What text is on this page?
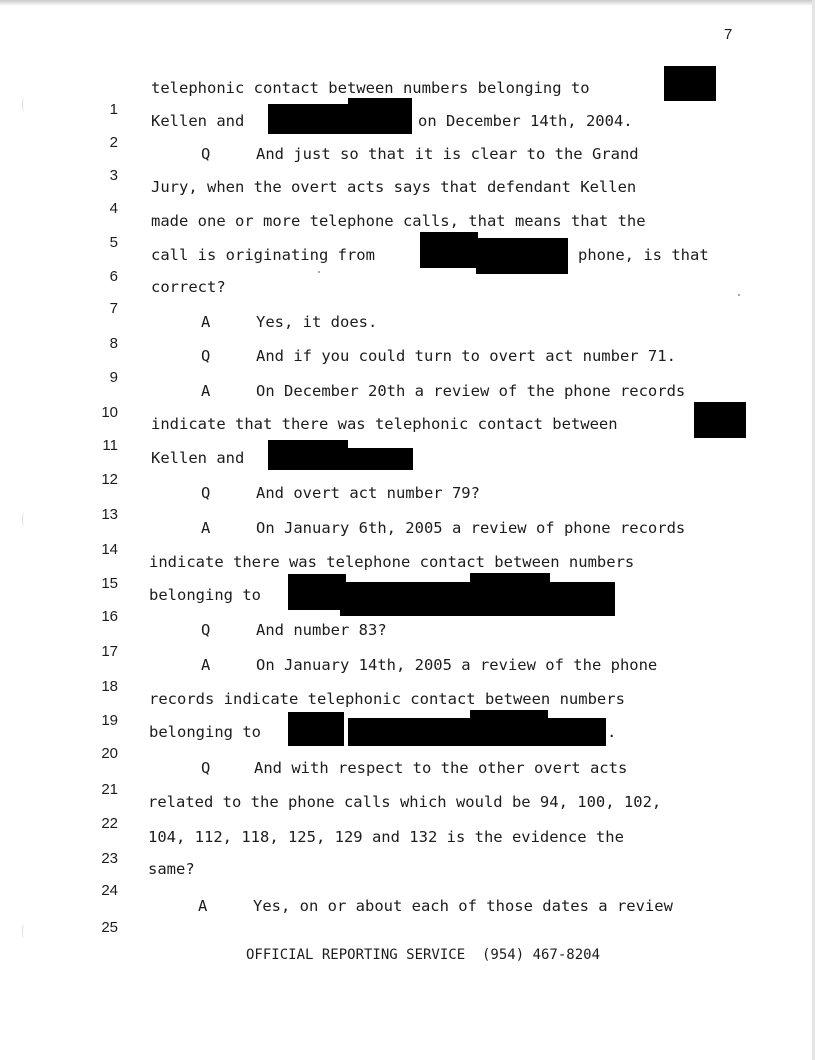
7

1

telephonic contact between numbers belonging to

2

Kellen and

	on December 14th, 2004.

3

Q

	And just so that it is clear to the Grand

4

Jury, when the overt acts says that defendant Kellen

5

made one or more telephone calls, that means that the

6

call is originating from

	phone, is that

7

correct?

8

A

	Yes, it does.

9

Q

	And if you could turn to overt act number 71.

10

A

	On December 20th a review of the phone records

11

indicate that there was telephonic contact between

12

Kellen and

13

Q

	And overt act number 79?

14

A

	On January 6th, 2005 a review of phone records

15

indicate there was telephone contact between numbers

16

belonging to

17

Q

	And number 83?

18

A

	On January 14th, 2005 a review of the phone

19

records indicate telephonic contact between numbers

20

belonging to

	.

21

Q

	And with respect to the other overt acts

22

related to the phone calls which would be 94, 100, 102,

23

104, 112, 118, 125, 129 and 132 is the evidence the

24

same?

25

A

	Yes, on or about each of those dates a review

OFFICIAL REPORTING SERVICE  (954) 467-8204
